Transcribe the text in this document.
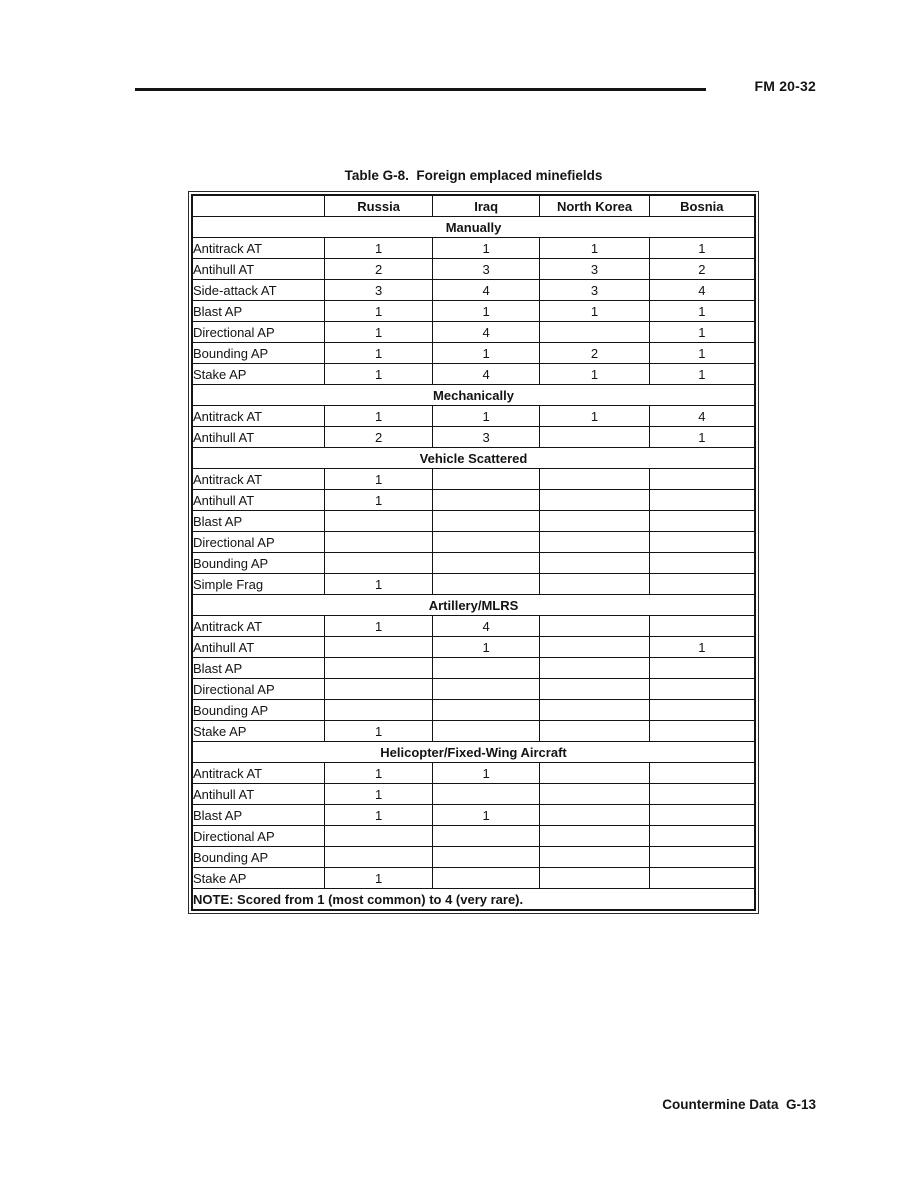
FM 20-32
Table G-8.  Foreign emplaced minefields
	Russia	Iraq	North Korea	Bosnia
Manually				
Antitrack AT	1	1	1	1
Antihull AT	2	3	3	2
Side-attack AT	3	4	3	4
Blast AP	1	1	1	1
Directional AP	1	4		1
Bounding AP	1	1	2	1
Stake AP	1	4	1	1
Mechanically				
Antitrack AT	1	1	1	4
Antihull AT	2	3		1
Vehicle Scattered				
Antitrack AT	1			
Antihull AT	1			
Blast AP				
Directional AP				
Bounding AP				
Simple Frag	1			
Artillery/MLRS				
Antitrack AT	1	4		
Antihull AT		1		1
Blast AP				
Directional AP				
Bounding AP				
Stake AP	1			
Helicopter/Fixed-Wing Aircraft				
Antitrack AT	1	1		
Antihull AT	1			
Blast AP	1	1		
Directional AP				
Bounding AP				
Stake AP	1			
NOTE: Scored from 1 (most common) to 4 (very rare).				
Countermine Data  G-13
